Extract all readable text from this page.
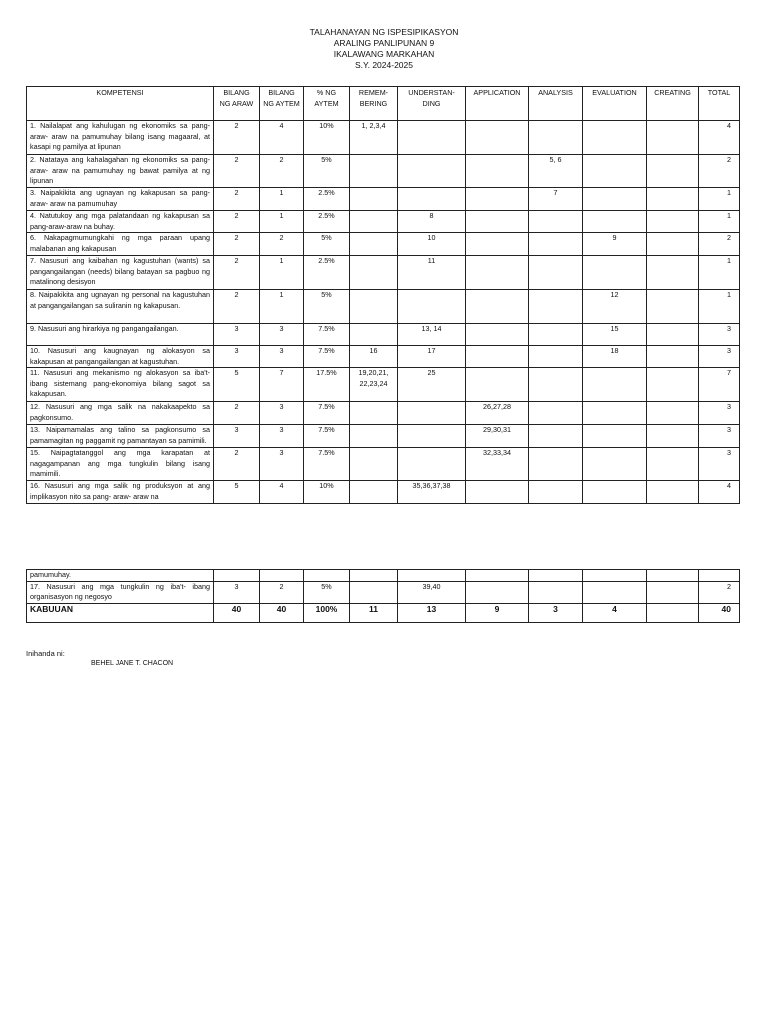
TALAHANAYAN NG ISPESIPIKASYON
ARALING PANLIPUNAN 9
IKALAWANG MARKAHAN
S.Y. 2024-2025
KOMPETENSI	BILANG NG ARAW	BILANG NG AYTEM	% NG AYTEM	REMEM-BERING	UNDERSTAN-DING	APPLICATION	ANALYSIS	EVALUATION	CREATING	TOTAL
1. Nailalapat ang kahulugan ng ekonomiks sa pang-araw- araw na pamumuhay bilang isang magaaral, at kasapi ng pamilya at lipunan	2	4	10%	1, 2,3,4						4
2. Natataya ang kahalagahan ng ekonomiks sa pang-araw- araw na pamumuhay ng bawat pamilya at ng lipunan	2	2	5%				5, 6			2
3. Naipakikita ang ugnayan ng kakapusan sa pang-araw- araw na pamumuhay	2	1	2.5%				7			1
4. Natutukoy ang mga palatandaan ng kakapusan sa pang-araw-araw na buhay.	2	1	2.5%		8					1
6. Nakapagmumungkahi ng mga paraan upang malabanan ang kakapusan	2	2	5%		10			9		2
7. Nasusuri ang kaibahan ng kagustuhan (wants) sa pangangailangan (needs) bilang batayan sa pagbuo ng matalinong desisyon	2	1	2.5%		11					1
8. Naipakikita ang ugnayan ng personal na kagustuhan at pangangailangan sa suliranin ng kakapusan.	2	1	5%					12		1
9. Nasusuri ang hirarkiya ng pangangailangan.	3	3	7.5%		13, 14			15		3
10. Nasusuri ang kaugnayan ng alokasyon sa kakapusan at pangangailangan at kagustuhan.	3	3	7.5%	16	17			18		3
11. Nasusuri ang mekanismo ng alokasyon sa iba't-ibang sistemang pang-ekonomiya bilang sagot sa kakapusan.	5	7	17.5%	19,20,21, 22,23,24	25					7
12. Nasusuri ang mga salik na nakakaapekto sa pagkonsumo.	2	3	7.5%			26,27,28				3
13. Naipamamalas ang talino sa pagkonsumo sa pamamagitan ng paggamit ng pamantayan sa pamimili.	3	3	7.5%			29,30,31				3
15. Naipagtatanggol ang mga karapatan at nagagampanan ang mga tungkulin bilang isang mamimili.	2	3	7.5%			32,33,34				3
16. Nasusuri ang mga salik ng produksyon at ang implikasyon nito sa pang- araw- araw na	5	4	10%		35,36,37,38					4
pamumuhay.										
17. Nasusuri ang mga tungkulin ng iba't- ibang organisasyon ng negosyo	3	2	5%		39,40					2
KABUUAN	40	40	100%	11	13	9	3	4		40
Inihanda ni:
BEHEL JANE T. CHACON
